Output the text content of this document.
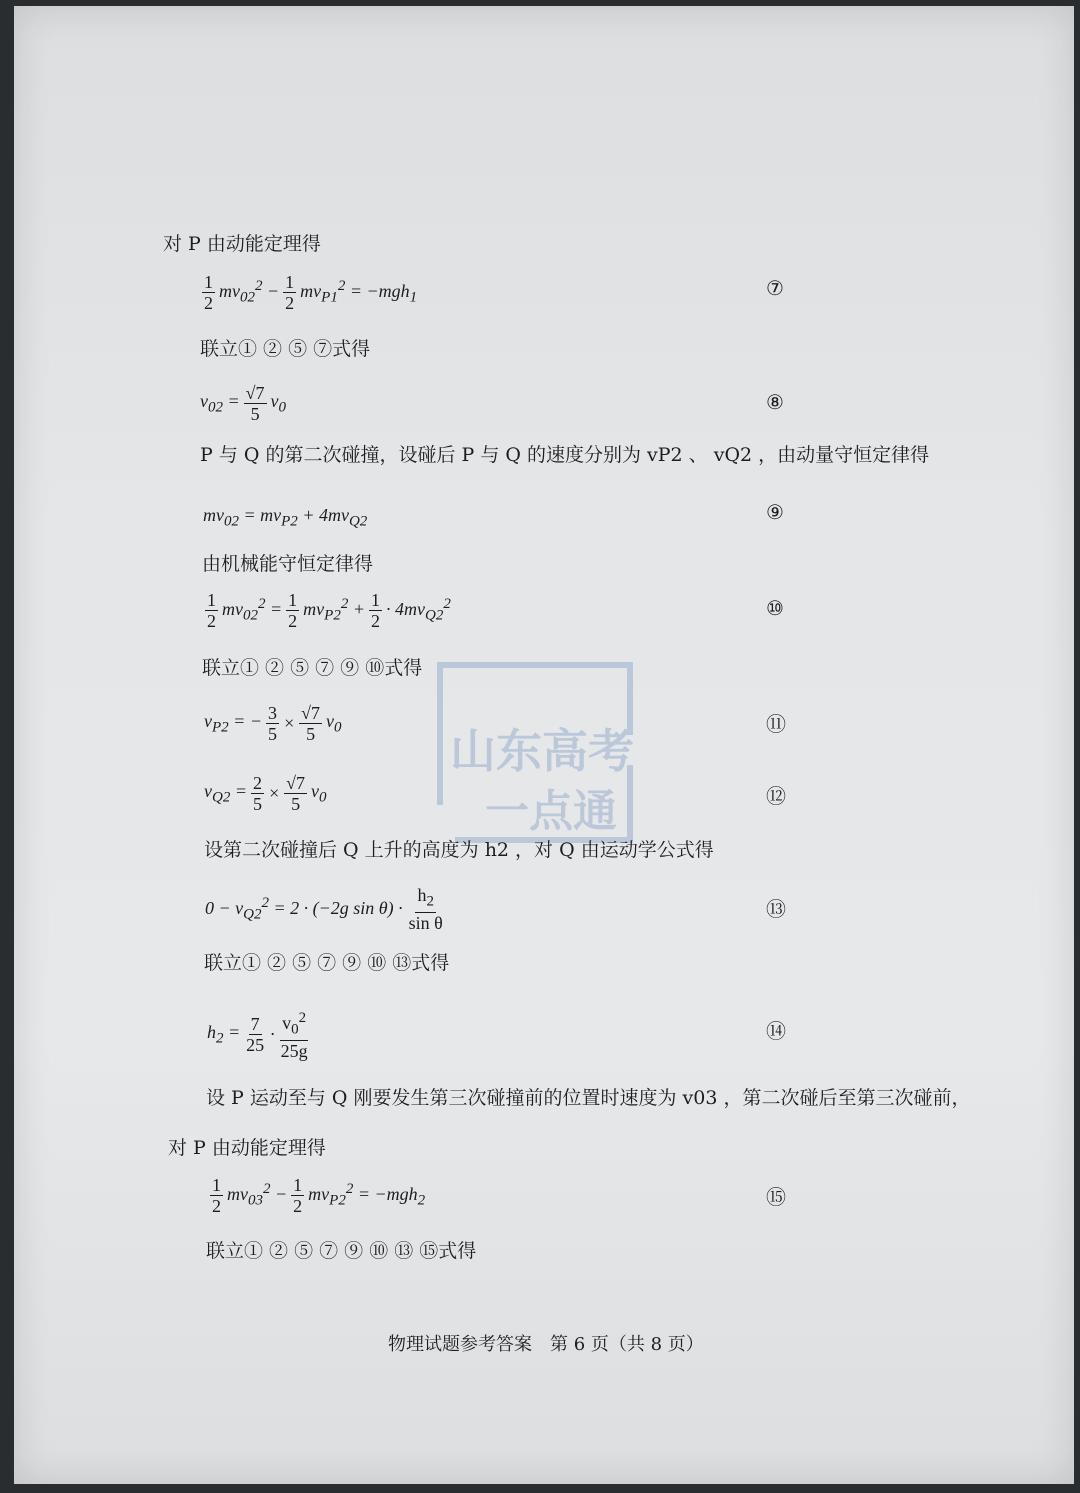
山东高考
一点通
对 P 由动能定理得
$\frac{1}{2} mv_{02}^2 - \frac{1}{2} mv_{P1}^2 = -mgh_1$	⑦
联立① ② ⑤ ⑦式得
$v_{02} = \frac{√7}{5} v_0$	⑧
P 与 Q 的第二次碰撞，设碰后 P 与 Q 的速度分别为 vP2 、 vQ2 ，由动量守恒定律得
$mv_{02} = mv_{P2} + 4mv_{Q2}$	⑨
由机械能守恒定律得
$\frac{1}{2} mv_{02}^2 = \frac{1}{2} mv_{P2}^2 + \frac{1}{2} \cdot 4mv_{Q2}^2$	⑩
联立① ② ⑤ ⑦ ⑨ ⑩式得
$v_{P2}$ = − $\frac{3}{5} \times \frac{√7}{5} v_0$	⑪
$v_{Q2} = \frac{2}{5} \times \frac{√7}{5} v_0$	⑫
设第二次碰撞后 Q 上升的高度为 h2 ，对 Q 由运动学公式得
$0 - v_{Q2}^2 = 2 \cdot (-2g$ $\sin \theta) \cdot \frac{h_2}{\text{sin θ}}$	⑬
联立① ② ⑤ ⑦ ⑨ ⑩ ⑬式得
$h_2 = \frac{7}{25} \cdot \frac{v_0^2}{25g}$	⑭
设 P 运动至与 Q 刚要发生第三次碰撞前的位置时速度为 v03 ，第二次碰后至第三次碰前，
对 P 由动能定理得
$\frac{1}{2} mv_{03}^2 - \frac{1}{2} mv_{P2}^2 = -mgh_2$	⑮
联立① ② ⑤ ⑦ ⑨ ⑩ ⑬ ⑮式得
物理试题参考答案　第 6 页（共 8 页）
